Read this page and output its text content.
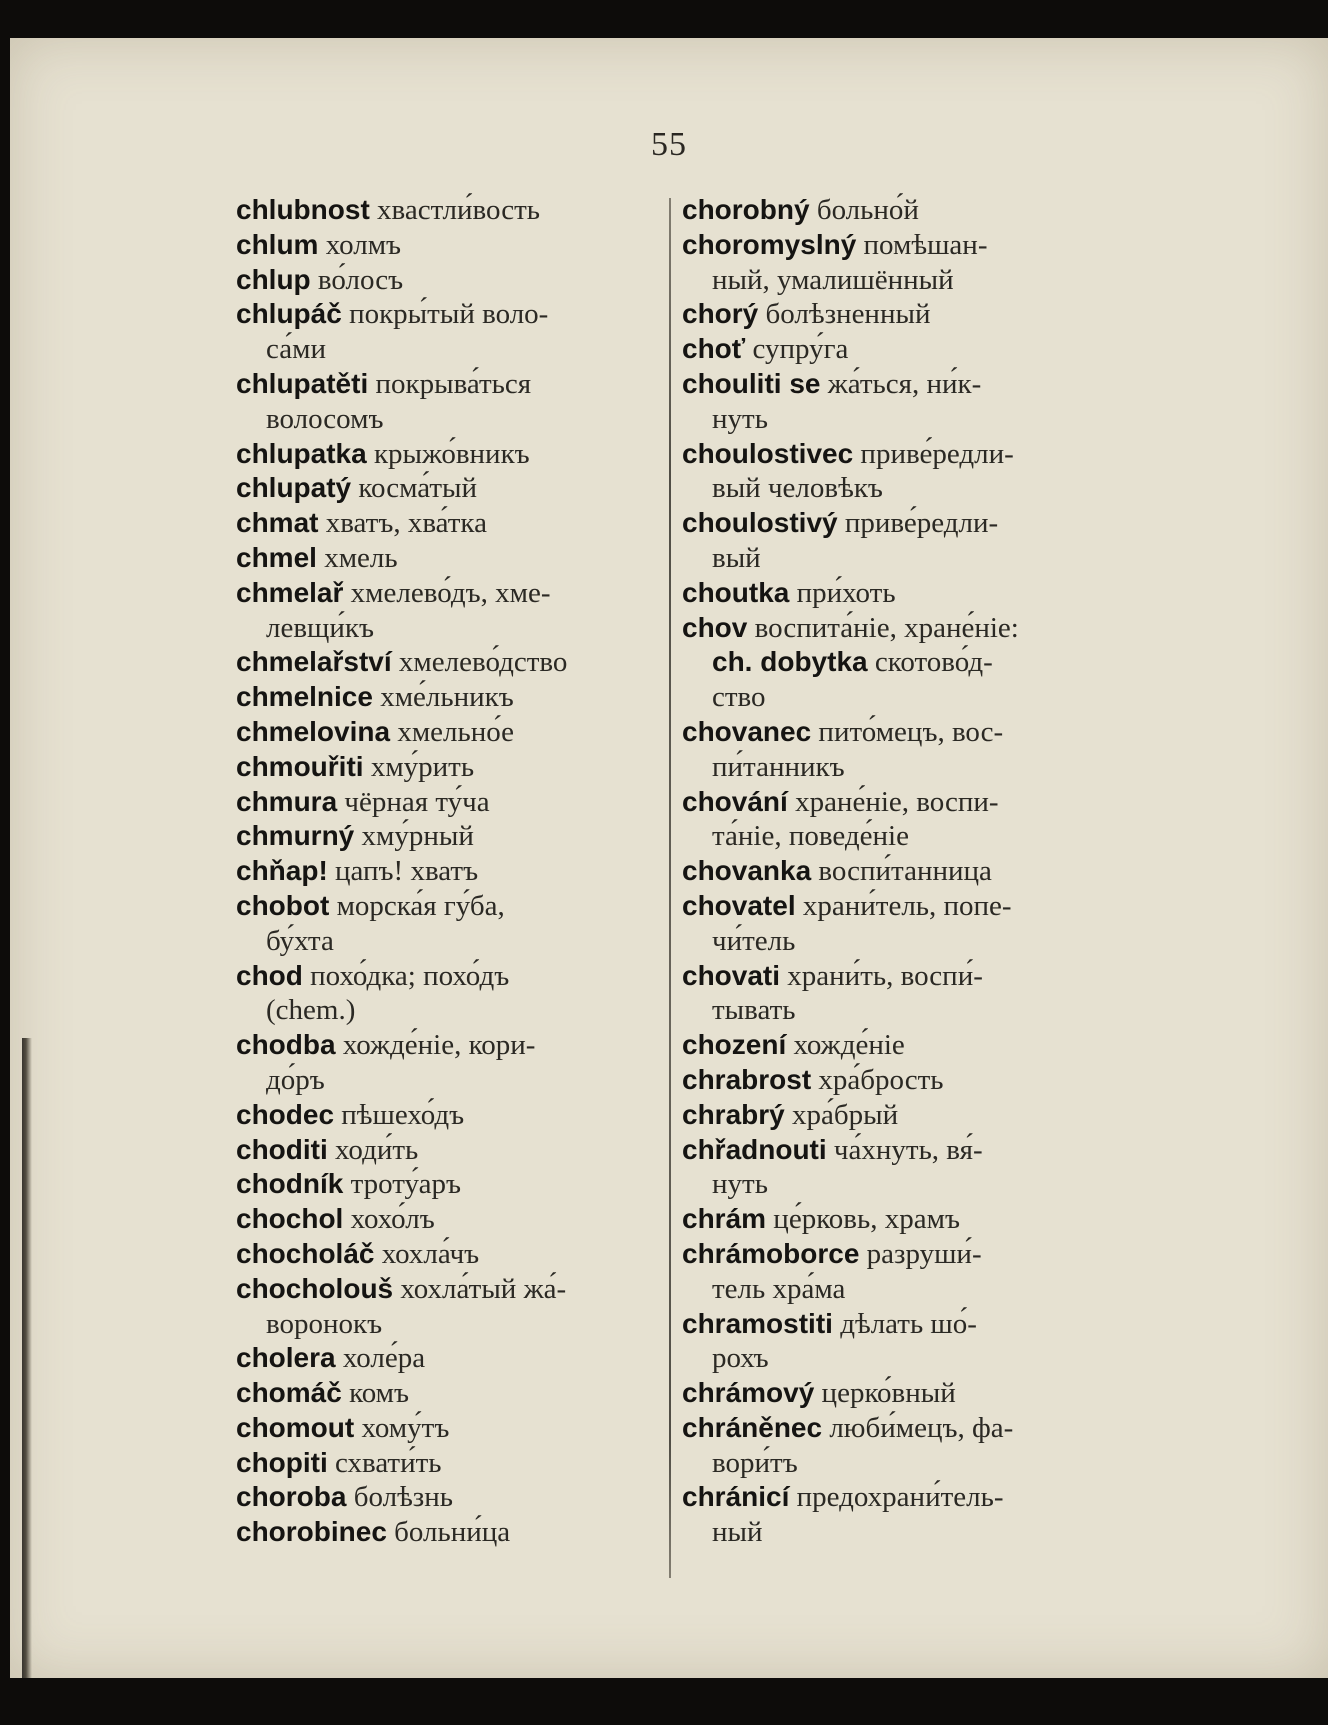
55
chlubnost хвастли́вость
chlum холмъ
chlup во́лосъ
chlupáč покры́тый воло-
са́ми
chlupatěti покрыва́ться
волосомъ
chlupatka крыжо́вникъ
chlupatý косма́тый
chmat хватъ, хва́тка
chmel хмель
chmelař хмелево́дъ, хме-
левщи́къ
chmelařství хмелево́дство
chmelnice хме́льникъ
chmelovina хмельно́е
chmouřiti хму́рить
chmura чёрная ту́ча
chmurný хму́рный
chňap! цапъ! хватъ
chobot морска́я гу́ба,
бу́хта
chod похо́дка; похо́дъ
(chem.)
chodba хожде́ніе, кори-
до́ръ
chodec пѣшехо́дъ
choditi ходи́ть
chodník троту́аръ
chochol хохо́лъ
chocholáč хохла́чъ
chocholouš хохла́тый жа́-
воронокъ
cholera холе́ра
chomáč комъ
chomout хому́тъ
chopiti схвати́ть
choroba болѣзнь
chorobinec больни́ца
chorobný больно́й
choromyslný помѣшан-
ный, умалишённый
chorý болѣзненный
choť супру́га
chouliti se жа́ться, ни́к-
нуть
choulostivec приве́редли-
вый человѣкъ
choulostivý приве́редли-
вый
choutka при́хоть
chov воспита́ніе, хране́ніе:
ch. dobytka скотово́д-
ство
chovanec пито́мецъ, вос-
пи́танникъ
chování хране́ніе, воспи-
та́ніе, поведе́ніе
chovanka воспи́танница
chovatel храни́тель, попе-
чи́тель
chovati храни́ть, воспи́-
тывать
chození хожде́ніе
chrabrost хра́брость
chrabrý хра́брый
chřadnouti ча́хнуть, вя́-
нуть
chrám це́рковь, храмъ
chrámoborce разруши́-
тель хра́ма
chramostiti дѣлать шо́-
рохъ
chrámový церко́вный
chráněnec люби́мецъ, фа-
вори́тъ
chránicí предохрани́тель-
ный
